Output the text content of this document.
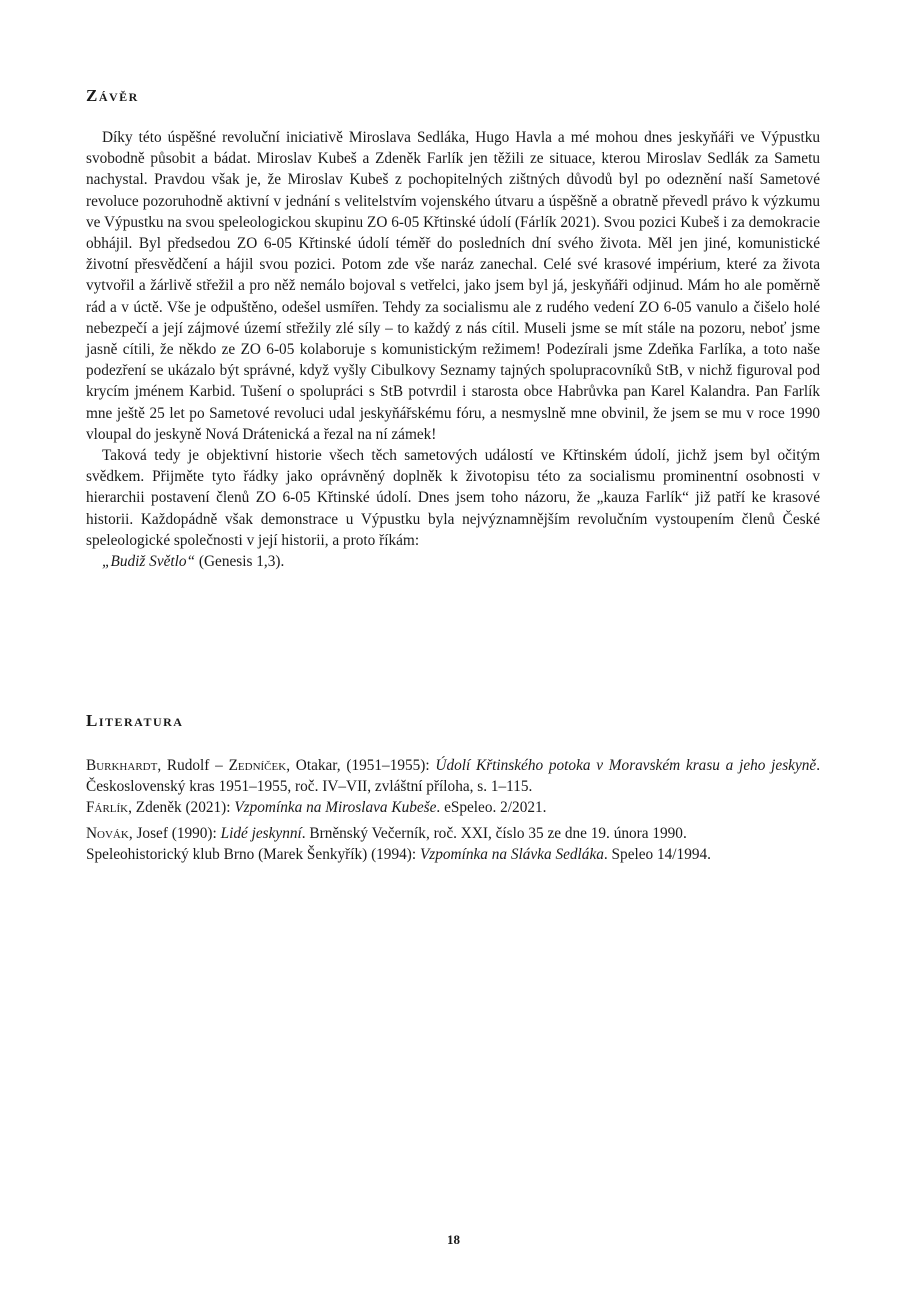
Závěr

Díky této úspěšné revoluční iniciativě Miroslava Sedláka, Hugo Havla a mé mohou dnes jeskyňáři ve Výpustku svobodně působit a bádat. Miroslav Kubeš a Zdeněk Farlík jen těžili ze situace, kterou Miroslav Sedlák za Sametu nachystal. Pravdou však je, že Miroslav Kubeš z pochopitelných zištných důvodů byl po odeznění naší Sametové revoluce pozoruhodně aktivní v jednání s velitelstvím vojenského útvaru a úspěšně a obratně převedl právo k výzkumu ve Výpustku na svou speleologickou skupinu ZO 6-05 Křtinské údolí (Fárlík 2021). Svou pozici Kubeš i za demokracie obhájil. Byl předsedou ZO 6-05 Křtinské údolí téměř do posledních dní svého života. Měl jen jiné, komunistické životní přesvědčení a hájil svou pozici. Potom zde vše naráz zanechal. Celé své krasové impérium, které za života vytvořil a žárlivě střežil a pro něž nemálo bojoval s vetřelci, jako jsem byl já, jeskyňáři odjinud. Mám ho ale poměrně rád a v úctě. Vše je odpuštěno, odešel usmířen. Tehdy za socialismu ale z rudého vedení ZO 6-05 vanulo a čišelo holé nebezpečí a její zájmové území střežily zlé síly – to každý z nás cítil. Museli jsme se mít stále na pozoru, neboť jsme jasně cítili, že někdo ze ZO 6-05 kolaboruje s komunistickým režimem! Podezírali jsme Zdeňka Farlíka, a toto naše podezření se ukázalo být správné, když vyšly Cibulkovy Seznamy tajných spolupracovníků StB, v nichž figuroval pod krycím jménem Karbid. Tušení o spolupráci s StB potvrdil i starosta obce Habrůvka pan Karel Kalandra. Pan Farlík mne ještě 25 let po Sametové revoluci udal jeskyňářskému fóru, a nesmyslně mne obvinil, že jsem se mu v roce 1990 vloupal do jeskyně Nová Drátenická a řezal na ní zámek!

Taková tedy je objektivní historie všech těch sametových událostí ve Křtinském údolí, jichž jsem byl očitým svědkem. Přijměte tyto řádky jako oprávněný doplněk k životopisu této za socialismu prominentní osobnosti v hierarchii postavení členů ZO 6-05 Křtinské údolí. Dnes jsem toho názoru, že „kauza Farlík“ již patří ke krasové historii. Každopádně však demonstrace u Výpustku byla nejvýznamnějším revolučním vystoupením členů České speleologické společnosti v její historii, a proto říkám:

„Budiž Světlo“ (Genesis 1,3).

Literatura

Burkhardt, Rudolf – Zedníček, Otakar, (1951–1955): Údolí Křtinského potoka v Moravském krasu a jeho jeskyně. Československý kras 1951–1955, roč. IV–VII, zvláštní příloha, s. 1–115.

Fárlík, Zdeněk (2021): Vzpomínka na Miroslava Kubeše. eSpeleo. 2/2021.

Novák, Josef (1990): Lidé jeskynní. Brněnský Večerník, roč. XXI, číslo 35 ze dne 19. února 1990.

Speleohistorický klub Brno (Marek Šenkyřík) (1994): Vzpomínka na Slávka Sedláka. Speleo 14/1994.

18
